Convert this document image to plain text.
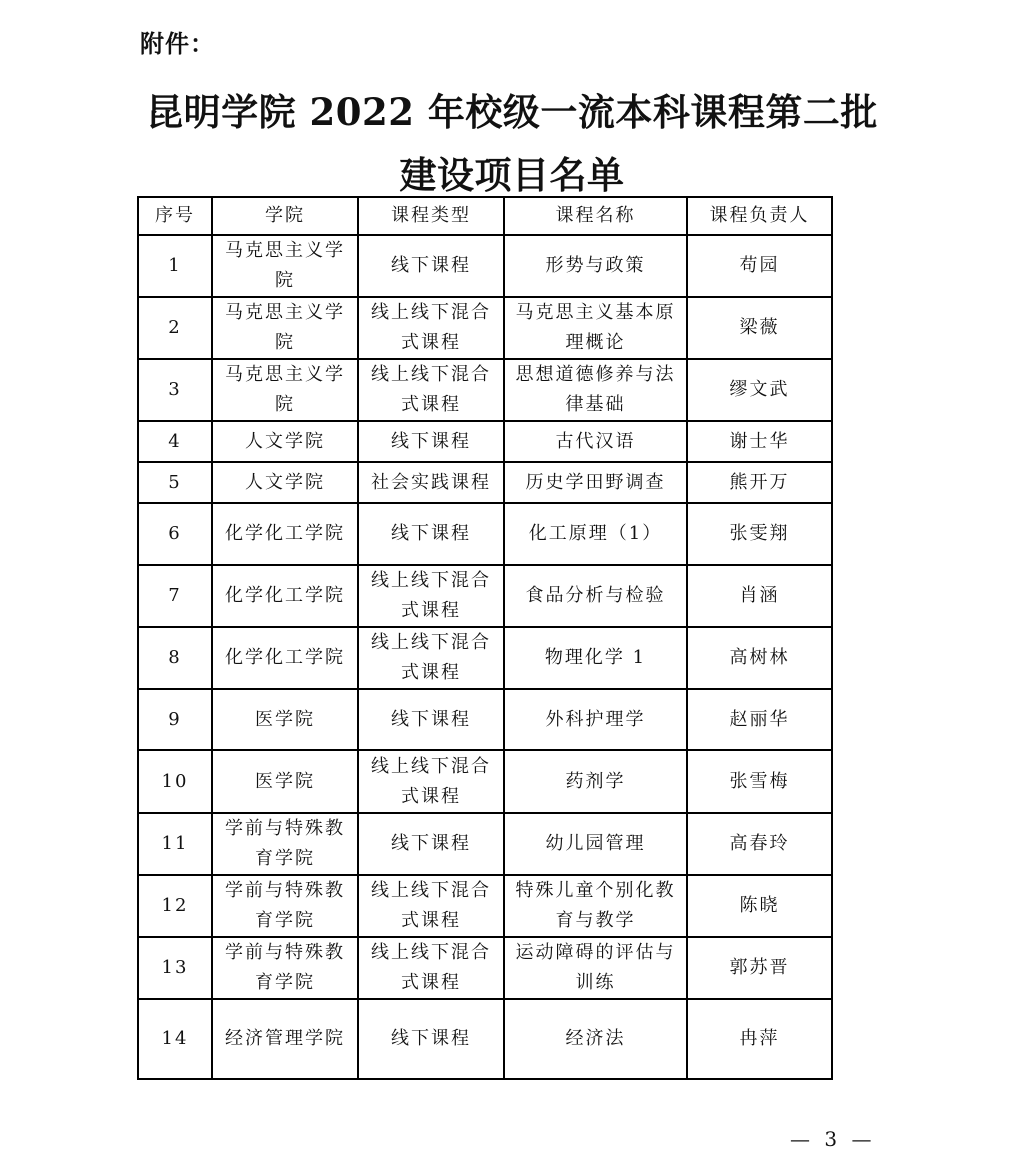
附件：
昆明学院 2022 年校级一流本科课程第二批
建设项目名单
序号	学院	课程类型	课程名称	课程负责人
1	马克思主义学院	线下课程	形势与政策	苟园
2	马克思主义学院	线上线下混合式课程	马克思主义基本原理概论	梁薇
3	马克思主义学院	线上线下混合式课程	思想道德修养与法律基础	缪文武
4	人文学院	线下课程	古代汉语	谢士华
5	人文学院	社会实践课程	历史学田野调查	熊开万
6	化学化工学院	线下课程	化工原理（1）	张雯翔
7	化学化工学院	线上线下混合式课程	食品分析与检验	肖涵
8	化学化工学院	线上线下混合式课程	物理化学 1	高树林
9	医学院	线下课程	外科护理学	赵丽华
10	医学院	线上线下混合式课程	药剂学	张雪梅
11	学前与特殊教育学院	线下课程	幼儿园管理	高春玲
12	学前与特殊教育学院	线上线下混合式课程	特殊儿童个别化教育与教学	陈晓
13	学前与特殊教育学院	线上线下混合式课程	运动障碍的评估与训练	郭苏晋
14	经济管理学院	线下课程	经济法	冉萍
— 3 —
